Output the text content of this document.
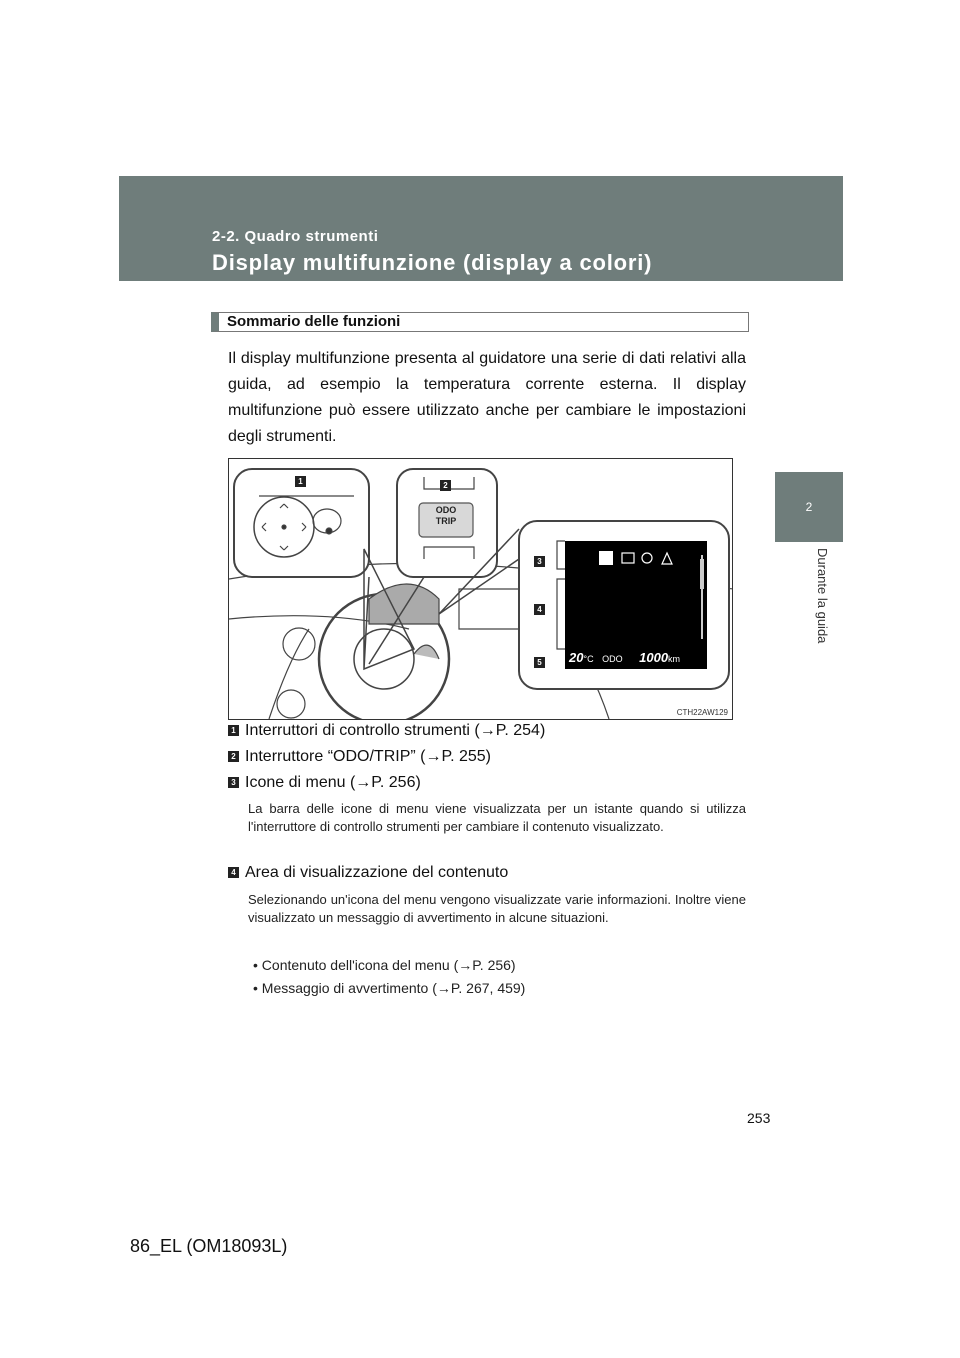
2-2. Quadro strumenti
Display multifunzione (display a colori)
2
Durante la guida
Sommario delle funzioni
Il display multifunzione presenta al guidatore una serie di dati relativi alla guida, ad esempio la temperatura corrente esterna. Il display multifunzione può essere utilizzato anche per cambiare le impostazioni degli strumenti.
1	2
3
4
5
ODO
TRIP
20°C ODO 1000km
CTH22AW129
1 Interruttori di controllo strumenti (→P. 254)
2 Interruttore “ODO/TRIP” (→P. 255)
3 Icone di menu (→P. 256)
La barra delle icone di menu viene visualizzata per un istante quando si utilizza l'interruttore di controllo strumenti per cambiare il contenuto visualizzato.
4 Area di visualizzazione del contenuto
Selezionando un'icona del menu vengono visualizzate varie informazioni. Inoltre viene visualizzato un messaggio di avvertimento in alcune situazioni.
• Contenuto dell'icona del menu (→P. 256)
• Messaggio di avvertimento (→P. 267, 459)
253
86_EL (OM18093L)
